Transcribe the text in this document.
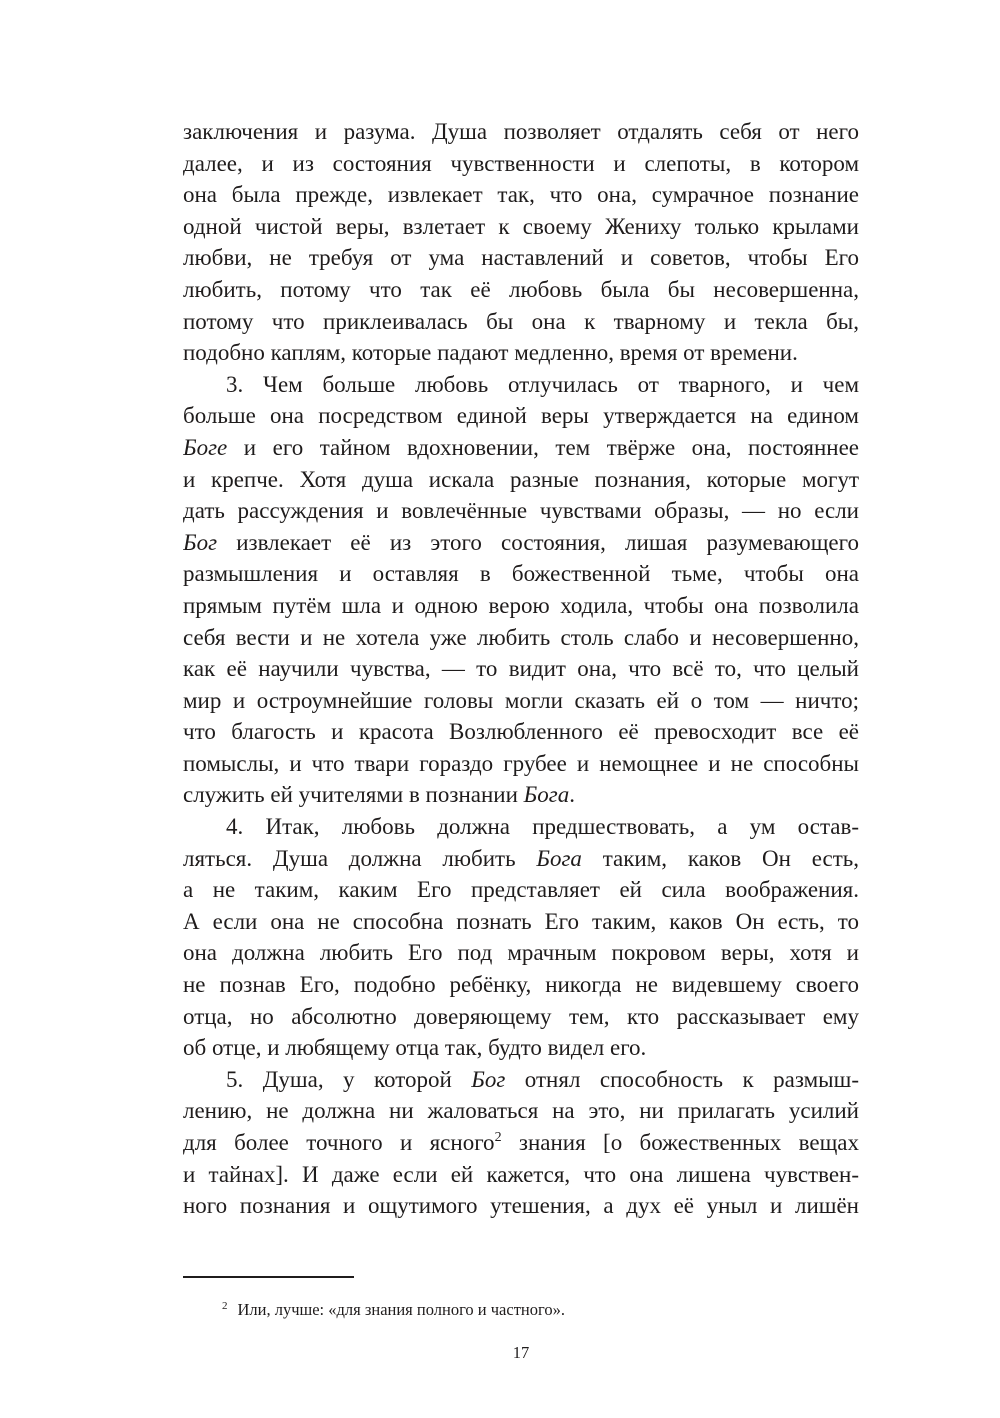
заключения и разума. Душа позволяет отдалять себя от него
далее, и из состояния чувственности и слепоты, в котором
она была прежде, извлекает так, что она, сумрачное познание
одной чистой веры, взлетает к своему Жениху только крылами
любви, не требуя от ума наставлений и советов, чтобы Его
любить, потому что так её любовь была бы несовершенна,
потому что приклеивалась бы она к тварному и текла бы,
подобно каплям, которые падают медленно, время от времени.
3. Чем больше любовь отлучилась от тварного, и чем
больше она посредством единой веры утверждается на едином
Боге и его тайном вдохновении, тем твёрже она, постояннее
и крепче. Хотя душа искала разные познания, которые могут
дать рассуждения и вовлечённые чувствами образы, — но если
Бог извлекает её из этого состояния, лишая разумевающего
размышления и оставляя в божественной тьме, чтобы она
прямым путём шла и одною верою ходила, чтобы она позволила
себя вести и не хотела уже любить столь слабо и несовершенно,
как её научили чувства, — то видит она, что всё то, что целый
мир и остроумнейшие головы могли сказать ей о том — ничто;
что благость и красота Возлюбленного её превосходит все её
помыслы, и что твари гораздо грубее и немощнее и не способны
служить ей учителями в познании Бога.
4. Итак, любовь должна предшествовать, а ум остав-
ляться. Душа должна любить Бога таким, каков Он есть,
а не таким, каким Его представляет ей сила воображения.
А если она не способна познать Его таким, каков Он есть, то
она должна любить Его под мрачным покровом веры, хотя и
не познав Его, подобно ребёнку, никогда не видевшему своего
отца, но абсолютно доверяющему тем, кто рассказывает ему
об отце, и любящему отца так, будто видел его.
5. Душа, у которой Бог отнял способность к размыш-
лению, не должна ни жаловаться на это, ни прилагать усилий
для более точного и ясного$^2$ знания [о божественных вещах
и тайнах]. И даже если ей кажется, что она лишена чувствен-
ного познания и ощутимого утешения, а дух её уныл и лишён
$^2$ Или, лучше: «для знания полного и частного».
17
